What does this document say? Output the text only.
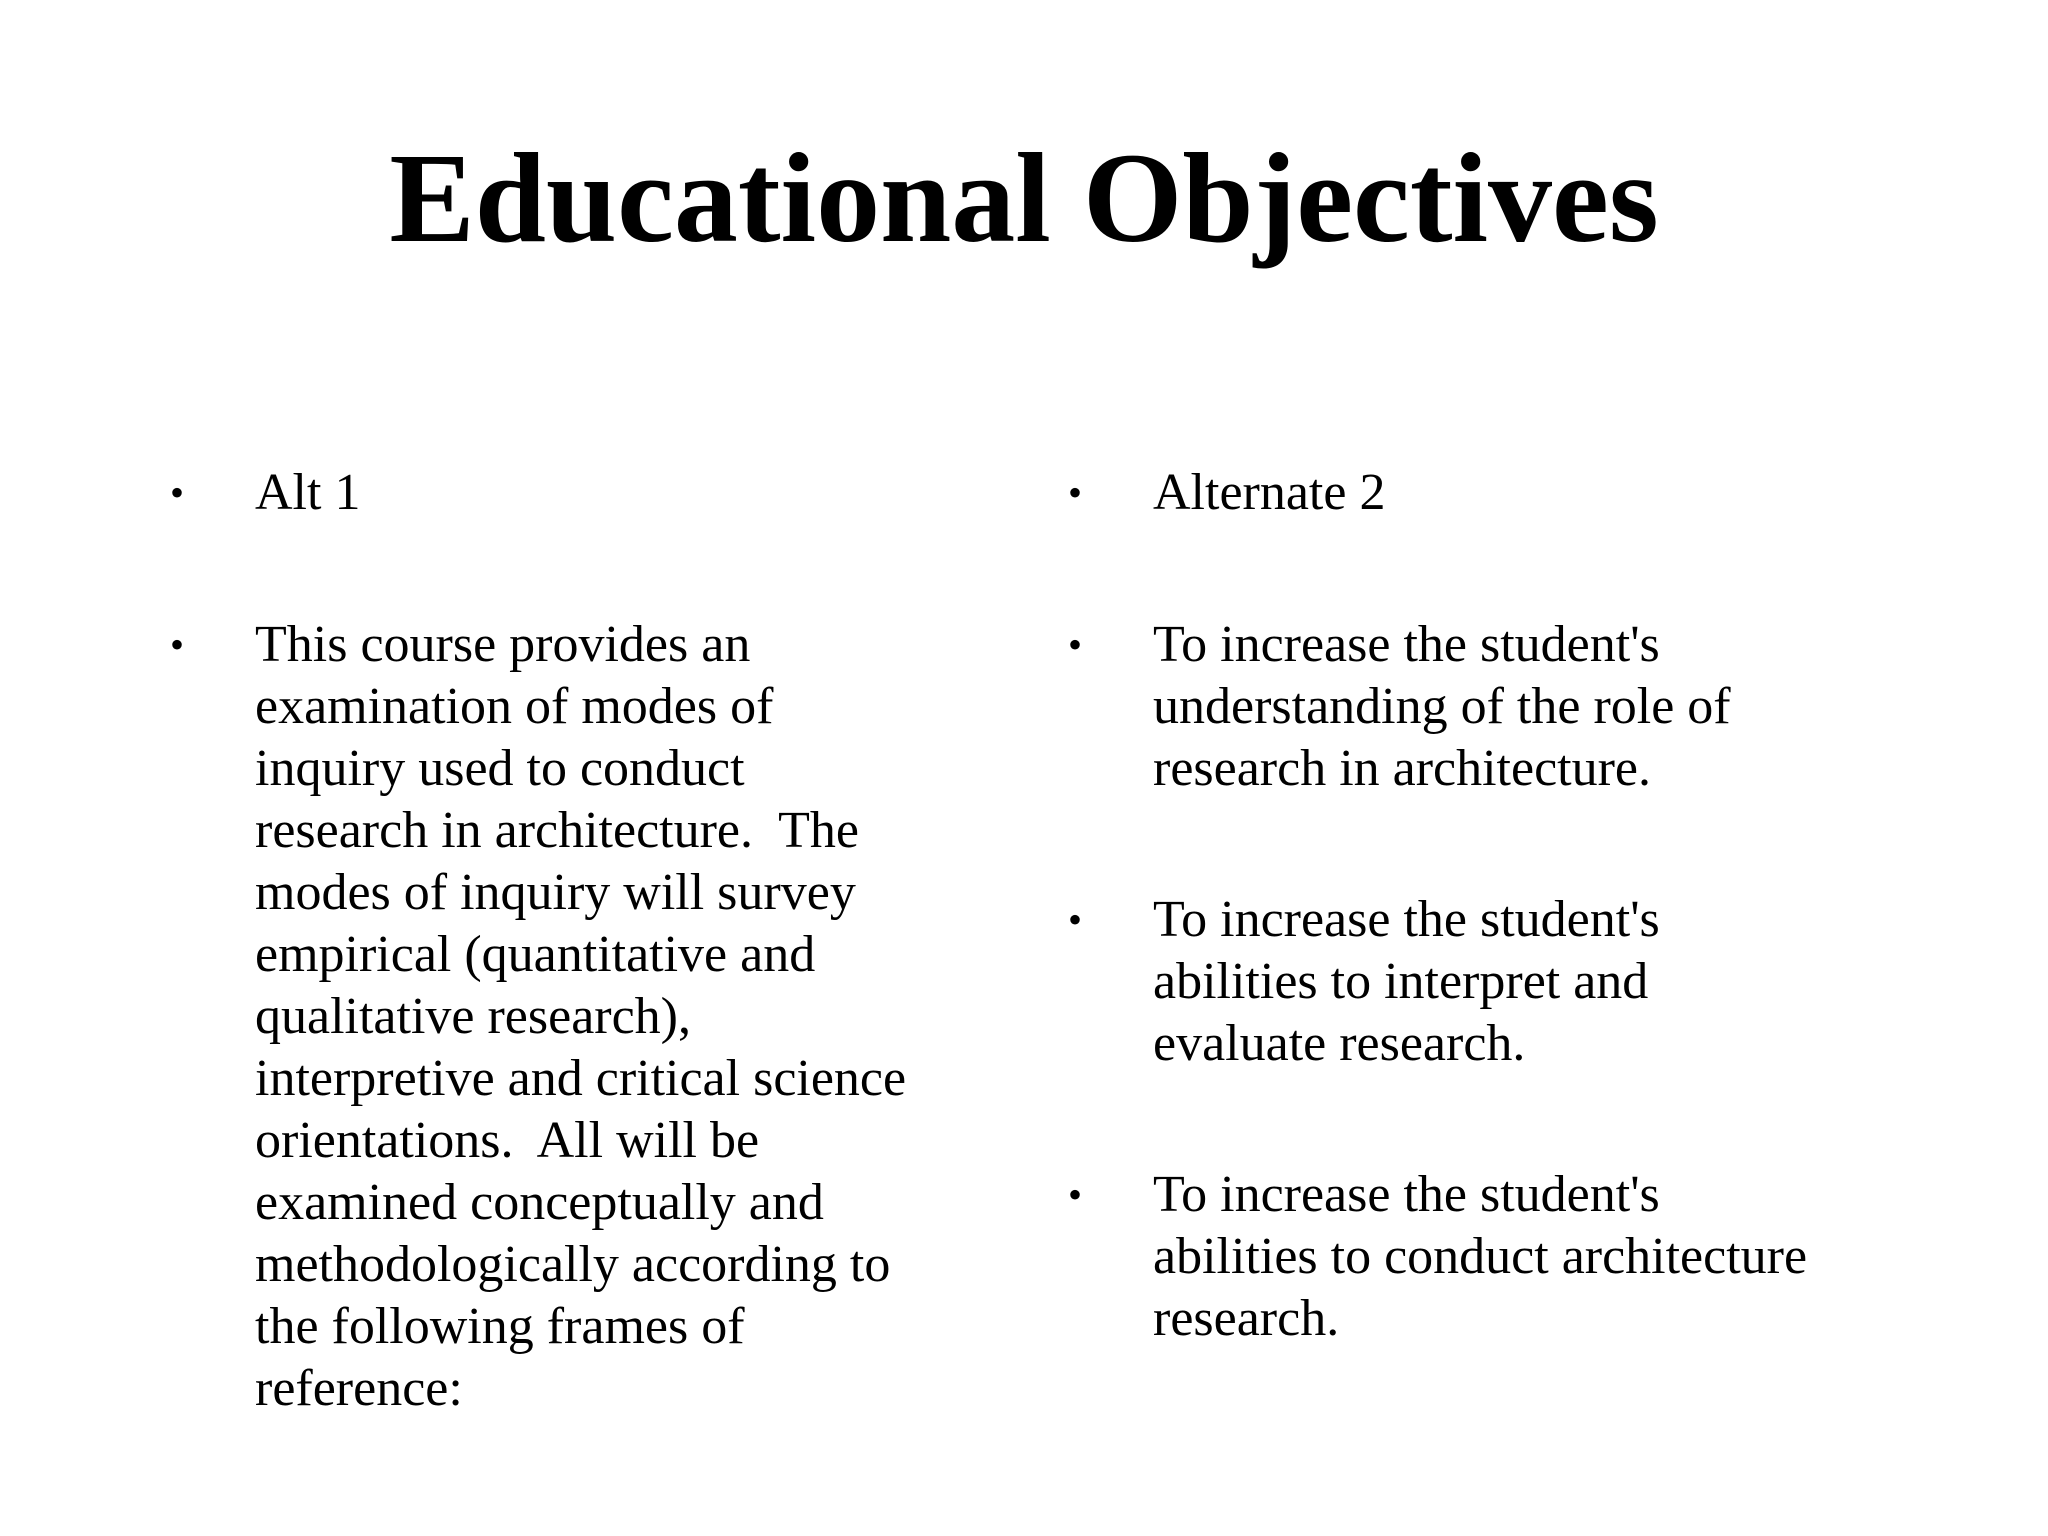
Educational Objectives
•	Alt 1
•	This course provides an
examination of modes of
inquiry used to conduct
research in architecture.  The
modes of inquiry will survey
empirical (quantitative and
qualitative research),
interpretive and critical science
orientations.  All will be
examined conceptually and
methodologically according to
the following frames of
reference:
•	Alternate 2
•	To increase the student's
understanding of the role of
research in architecture.
•	To increase the student's
abilities to interpret and
evaluate research.
•	To increase the student's
abilities to conduct architecture
research.
